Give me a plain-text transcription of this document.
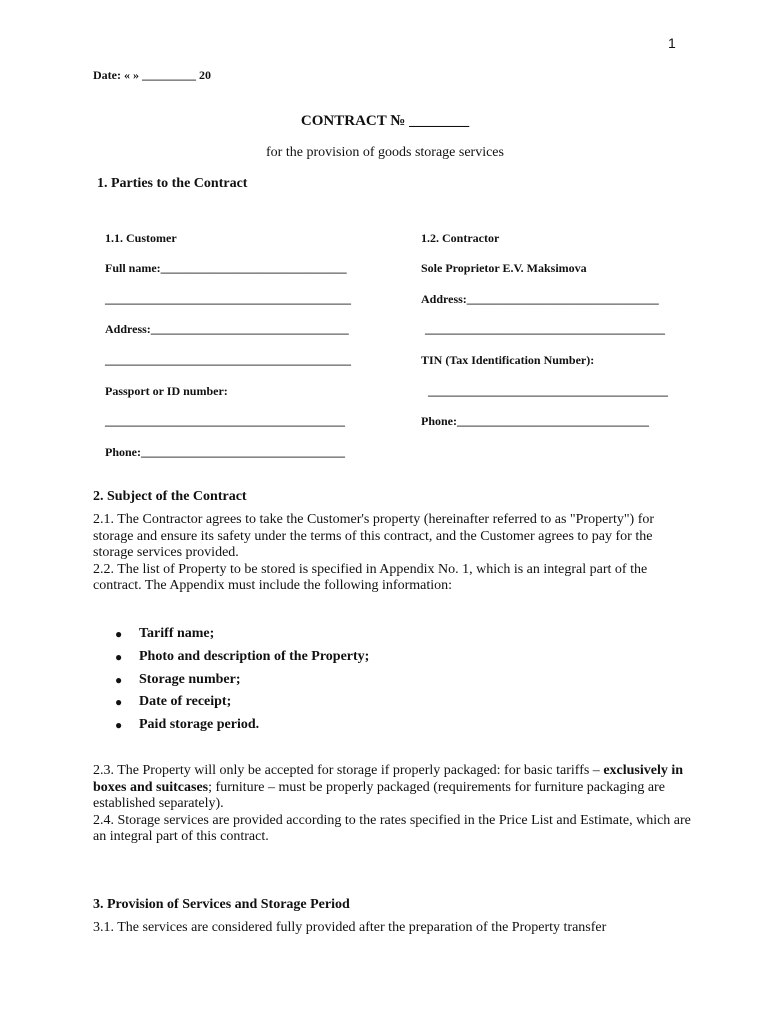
1
Date: « » _________ 20
CONTRACT № ________
for the provision of goods storage services
1. Parties to the Contract
1.1. Customer
Full name:_______________________________
_________________________________________
Address:_________________________________
_________________________________________
Passport or ID number:
________________________________________
Phone:__________________________________
1.2. Contractor
Sole Proprietor E.V. Maksimova
Address:________________________________
________________________________________
TIN (Tax Identification Number):
________________________________________
Phone:________________________________
2. Subject of the Contract

2.1. The Contractor agrees to take the Customer's property (hereinafter referred to as "Property") for storage and ensure its safety under the terms of this contract, and the Customer agrees to pay for the storage services provided.

2.2. The list of Property to be stored is specified in Appendix No. 1, which is an integral part of the contract. The Appendix must include the following information:

● Tariff name;
● Photo and description of the Property;
● Storage number;
● Date of receipt;
● Paid storage period.

2.3. The Property will only be accepted for storage if properly packaged: for basic tariffs – exclusively in boxes and suitcases; furniture – must be properly packaged (requirements for furniture packaging are established separately).

2.4. Storage services are provided according to the rates specified in the Price List and Estimate, which are an integral part of this contract.

3. Provision of Services and Storage Period
3.1. The services are considered fully provided after the preparation of the Property transfer
